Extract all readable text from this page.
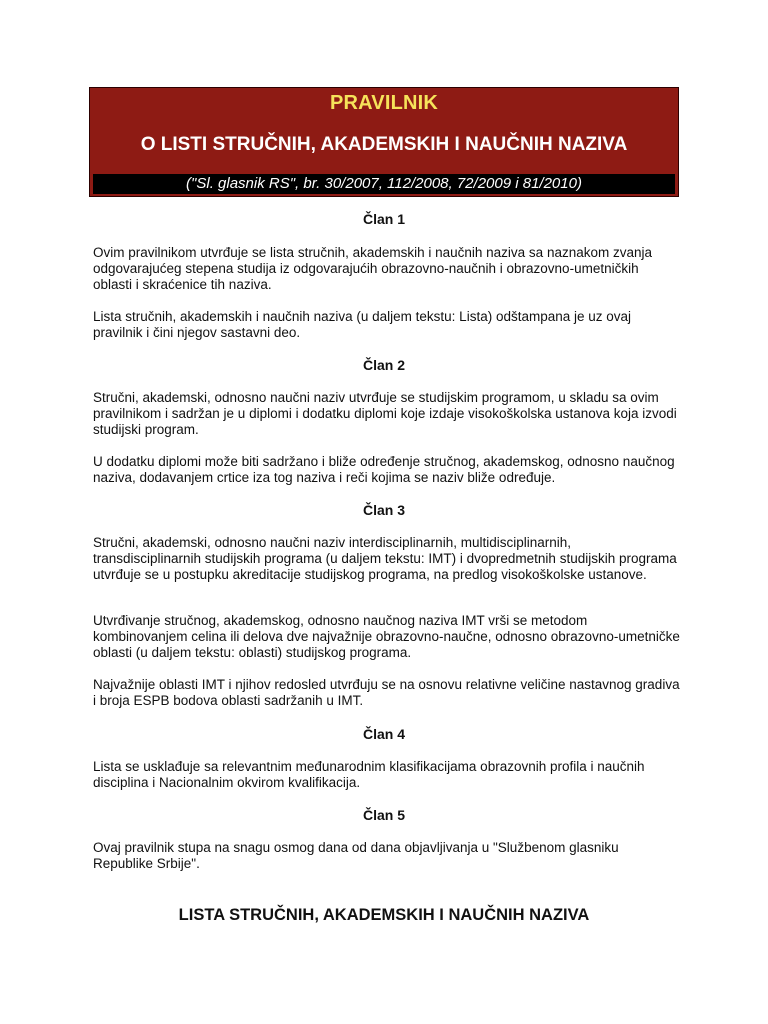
PRAVILNIK
O LISTI STRUČNIH, AKADEMSKIH I NAUČNIH NAZIVA
("Sl. glasnik RS", br. 30/2007, 112/2008, 72/2009 i 81/2010)
Član 1

Ovim pravilnikom utvrđuje se lista stručnih, akademskih i naučnih naziva sa naznakom zvanja odgovarajućeg stepena studija iz odgovarajućih obrazovno-naučnih i obrazovno-umetničkih oblasti i skraćenice tih naziva.

Lista stručnih, akademskih i naučnih naziva (u daljem tekstu: Lista) odštampana je uz ovaj pravilnik i čini njegov sastavni deo.

Član 2

Stručni, akademski, odnosno naučni naziv utvrđuje se studijskim programom, u skladu sa ovim pravilnikom i sadržan je u diplomi i dodatku diplomi koje izdaje visokoškolska ustanova koja izvodi studijski program.

U dodatku diplomi može biti sadržano i bliže određenje stručnog, akademskog, odnosno naučnog naziva, dodavanjem crtice iza tog naziva i reči kojima se naziv bliže određuje.

Član 3

Stručni, akademski, odnosno naučni naziv interdisciplinarnih, multidisciplinarnih, transdisciplinarnih studijskih programa (u daljem tekstu: IMT) i dvopredmetnih studijskih programa utvrđuje se u postupku akreditacije studijskog programa, na predlog visokoškolske ustanove.

Utvrđivanje stručnog, akademskog, odnosno naučnog naziva IMT vrši se metodom kombinovanjem celina ili delova dve najvažnije obrazovno-naučne, odnosno obrazovno-umetničke oblasti (u daljem tekstu: oblasti) studijskog programa.

Najvažnije oblasti IMT i njihov redosled utvrđuju se na osnovu relativne veličine nastavnog gradiva i broja ESPB bodova oblasti sadržanih u IMT.

Član 4

Lista se usklađuje sa relevantnim međunarodnim klasifikacijama obrazovnih profila i naučnih disciplina i Nacionalnim okvirom kvalifikacija.

Član 5

Ovaj pravilnik stupa na snagu osmog dana od dana objavljivanja u "Službenom glasniku Republike Srbije".

LISTA STRUČNIH, AKADEMSKIH I NAUČNIH NAZIVA
